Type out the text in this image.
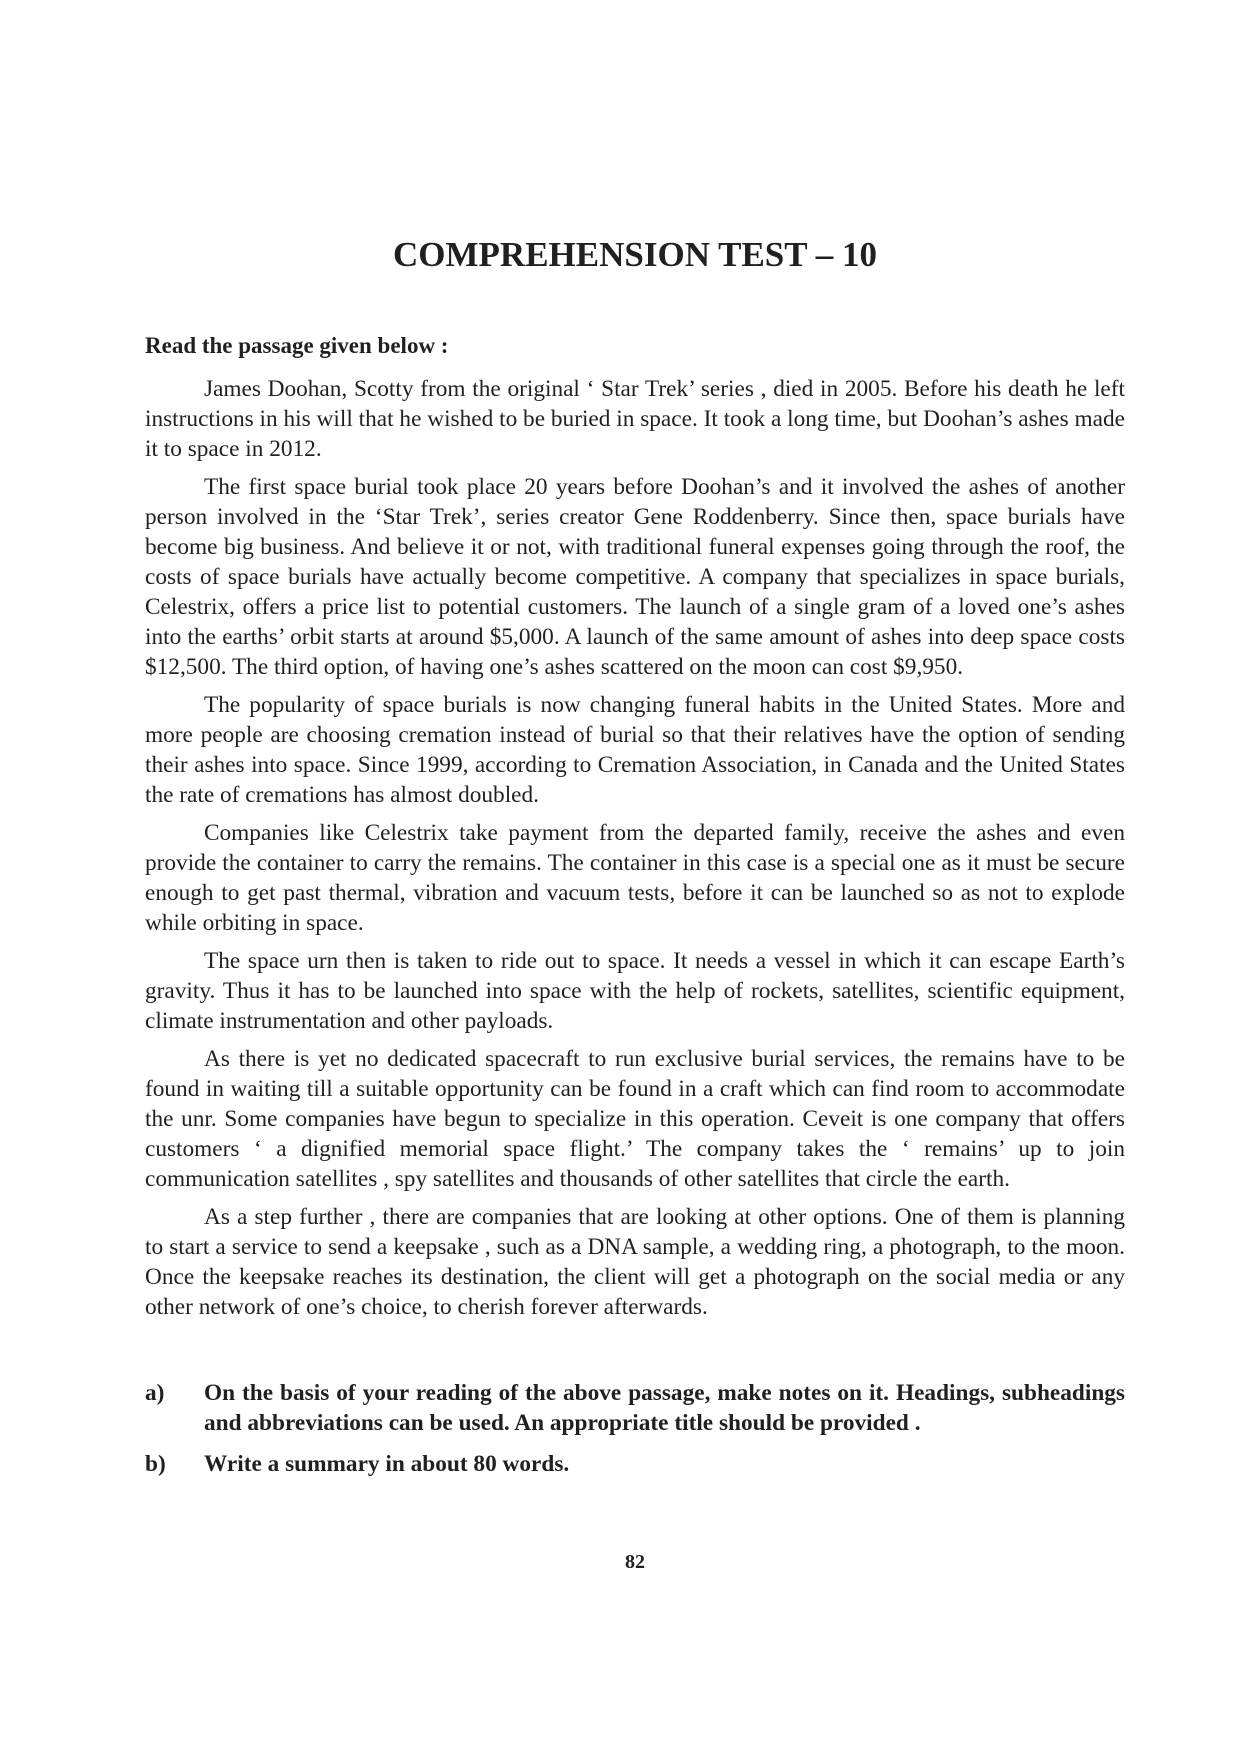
COMPREHENSION TEST – 10

Read the passage given below :

James Doohan, Scotty from the original ‘ Star Trek’ series , died in 2005. Before his death he left instructions in his will that he wished to be buried in space. It took a long time, but Doohan’s ashes made it to space in 2012.

The first space burial took place 20 years before Doohan’s and it involved the ashes of another person involved in the ‘Star Trek’, series creator Gene Roddenberry. Since then, space burials have become big business. And believe it or not, with traditional funeral expenses going through the roof, the costs of space burials have actually become competitive. A company that specializes in space burials, Celestrix, offers a price list to potential customers. The launch of a single gram of a loved one’s ashes into the earths’ orbit starts at around $5,000. A launch of the same amount of ashes into deep space costs $12,500. The third option, of having one’s ashes scattered on the moon can cost $9,950.

The popularity of space burials is now changing funeral habits in the United States. More and more people are choosing cremation instead of burial so that their relatives have the option of sending their ashes into space. Since 1999, according to Cremation Association, in Canada and the United States the rate of cremations has almost doubled.

Companies like Celestrix take payment from the departed family, receive the ashes and even provide the container to carry the remains. The container in this case is a special one as it must be secure enough to get past thermal, vibration and vacuum tests, before it can be launched so as not to explode while orbiting in space.

The space urn then is taken to ride out to space. It needs a vessel in which it can escape Earth’s gravity. Thus it has to be launched into space with the help of rockets, satellites, scientific equipment, climate instrumentation and other payloads.

As there is yet no dedicated spacecraft to run exclusive burial services, the remains have to be found in waiting till a suitable opportunity can be found in a craft which can find room to accommodate the unr. Some companies have begun to specialize in this operation. Ceveit is one company that offers customers ‘ a dignified memorial space flight.’ The company takes the ‘ remains’ up to join communication satellites , spy satellites and thousands of other satellites that circle the earth.

As a step further , there are companies that are looking at other options. One of them is planning to start a service to send a keepsake , such as a DNA sample, a wedding ring, a photograph, to the moon. Once the keepsake reaches its destination, the client will get a photograph on the social media or any other network of one’s choice, to cherish forever afterwards.

a)	On the basis of your reading of the above passage, make notes on it. Headings, subheadings and abbreviations can be used. An appropriate title should be provided .
b)	Write a summary in about 80 words.
82
